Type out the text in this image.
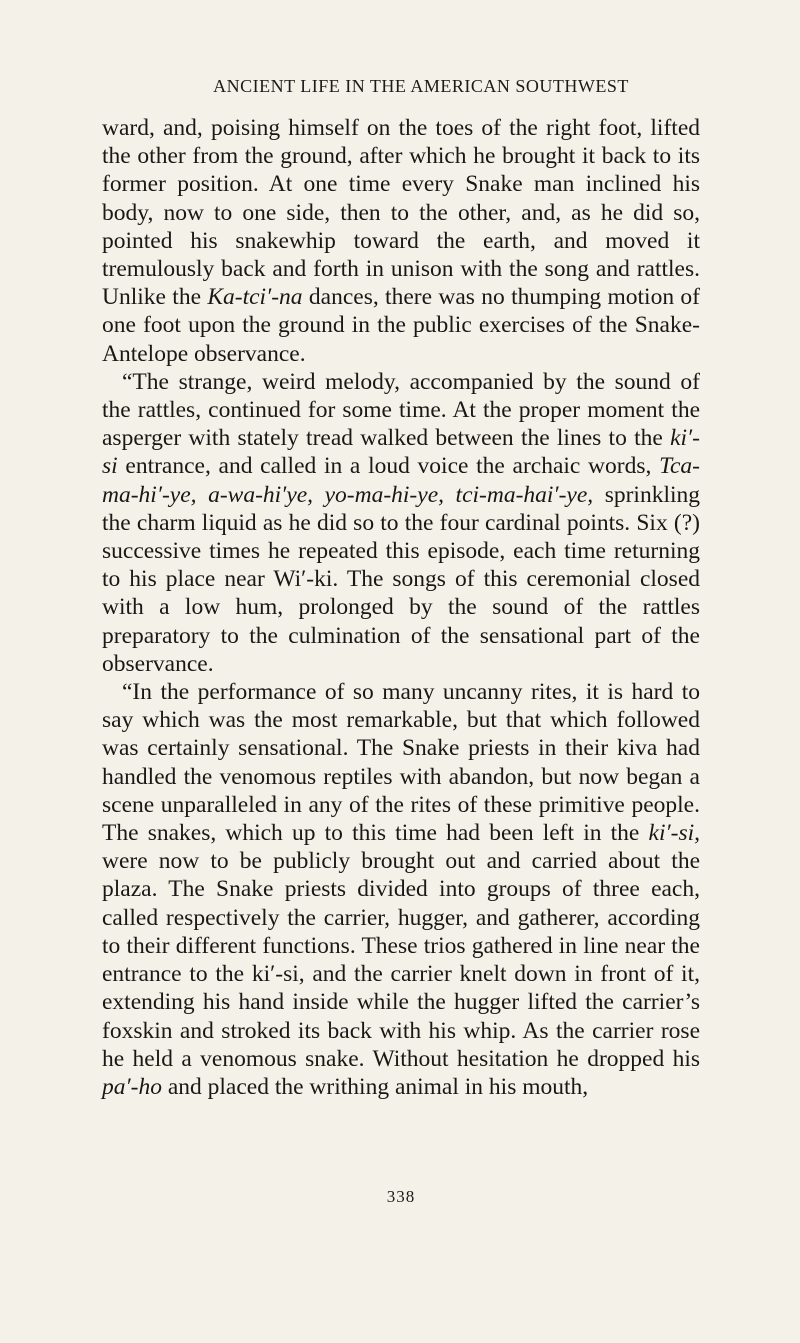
ANCIENT LIFE IN THE AMERICAN SOUTHWEST

ward, and, poising himself on the toes of the right foot, lifted the other from the ground, after which he brought it back to its former position. At one time every Snake man inclined his body, now to one side, then to the other, and, as he did so, pointed his snakewhip toward the earth, and moved it tremulously back and forth in unison with the song and rattles. Unlike the Ka-tci′-na dances, there was no thumping motion of one foot upon the ground in the public exercises of the Snake-Antelope observance.

“The strange, weird melody, accompanied by the sound of the rattles, continued for some time. At the proper moment the asperger with stately tread walked between the lines to the ki′-si entrance, and called in a loud voice the archaic words, Tca-ma-hi′-ye, a-wa-hi′ye, yo-ma-hi-ye, tci-ma-hai′-ye, sprinkling the charm liquid as he did so to the four cardinal points. Six (?) successive times he repeated this episode, each time returning to his place near Wi′-ki. The songs of this ceremonial closed with a low hum, prolonged by the sound of the rattles preparatory to the culmination of the sensational part of the observance.

“In the performance of so many uncanny rites, it is hard to say which was the most remarkable, but that which followed was certainly sensational. The Snake priests in their kiva had handled the venomous reptiles with abandon, but now began a scene unparalleled in any of the rites of these primitive people. The snakes, which up to this time had been left in the ki′-si, were now to be publicly brought out and carried about the plaza. The Snake priests divided into groups of three each, called respectively the carrier, hugger, and gatherer, according to their different functions. These trios gathered in line near the entrance to the ki′-si, and the carrier knelt down in front of it, extending his hand inside while the hugger lifted the carrier’s foxskin and stroked its back with his whip. As the carrier rose he held a venomous snake. Without hesitation he dropped his pa′-ho and placed the writhing animal in his mouth,

338
